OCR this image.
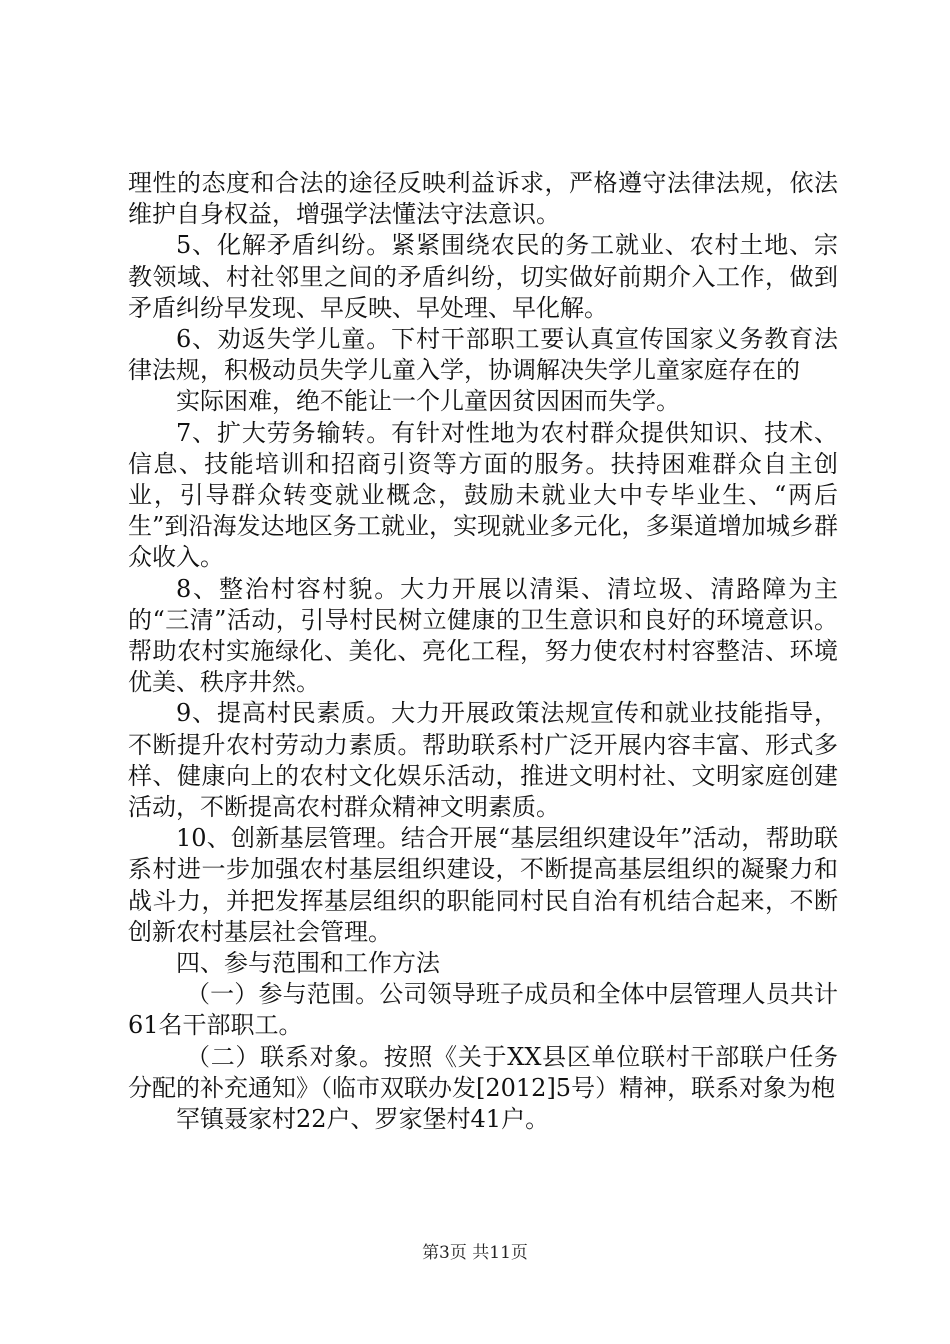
理性的态度和合法的途径反映利益诉求，严格遵守法律法规，依法维护自身权益，增强学法懂法守法意识。

5、化解矛盾纠纷。紧紧围绕农民的务工就业、农村土地、宗教领域、村社邻里之间的矛盾纠纷，切实做好前期介入工作，做到矛盾纠纷早发现、早反映、早处理、早化解。

6、劝返失学儿童。下村干部职工要认真宣传国家义务教育法律法规，积极动员失学儿童入学，协调解决失学儿童家庭存在的

实际困难，绝不能让一个儿童因贫因困而失学。

7、扩大劳务输转。有针对性地为农村群众提供知识、技术、信息、技能培训和招商引资等方面的服务。扶持困难群众自主创业，引导群众转变就业概念，鼓励未就业大中专毕业生、“两后生”到沿海发达地区务工就业，实现就业多元化，多渠道增加城乡群众收入。

8、整治村容村貌。大力开展以清渠、清垃圾、清路障为主的“三清”活动，引导村民树立健康的卫生意识和良好的环境意识。帮助农村实施绿化、美化、亮化工程，努力使农村村容整洁、环境优美、秩序井然。

9、提高村民素质。大力开展政策法规宣传和就业技能指导，不断提升农村劳动力素质。帮助联系村广泛开展内容丰富、形式多样、健康向上的农村文化娱乐活动，推进文明村社、文明家庭创建活动，不断提高农村群众精神文明素质。

10、创新基层管理。结合开展“基层组织建设年”活动，帮助联系村进一步加强农村基层组织建设，不断提高基层组织的凝聚力和战斗力，并把发挥基层组织的职能同村民自治有机结合起来，不断创新农村基层社会管理。

四、参与范围和工作方法

（一）参与范围。公司领导班子成员和全体中层管理人员共计61名干部职工。

（二）联系对象。按照《关于XX县区单位联村干部联户任务分配的补充通知》（临市双联办发[2012]5号）精神，联系对象为枹

罕镇聂家村22户、罗家堡村41户。

第3页 共11页
